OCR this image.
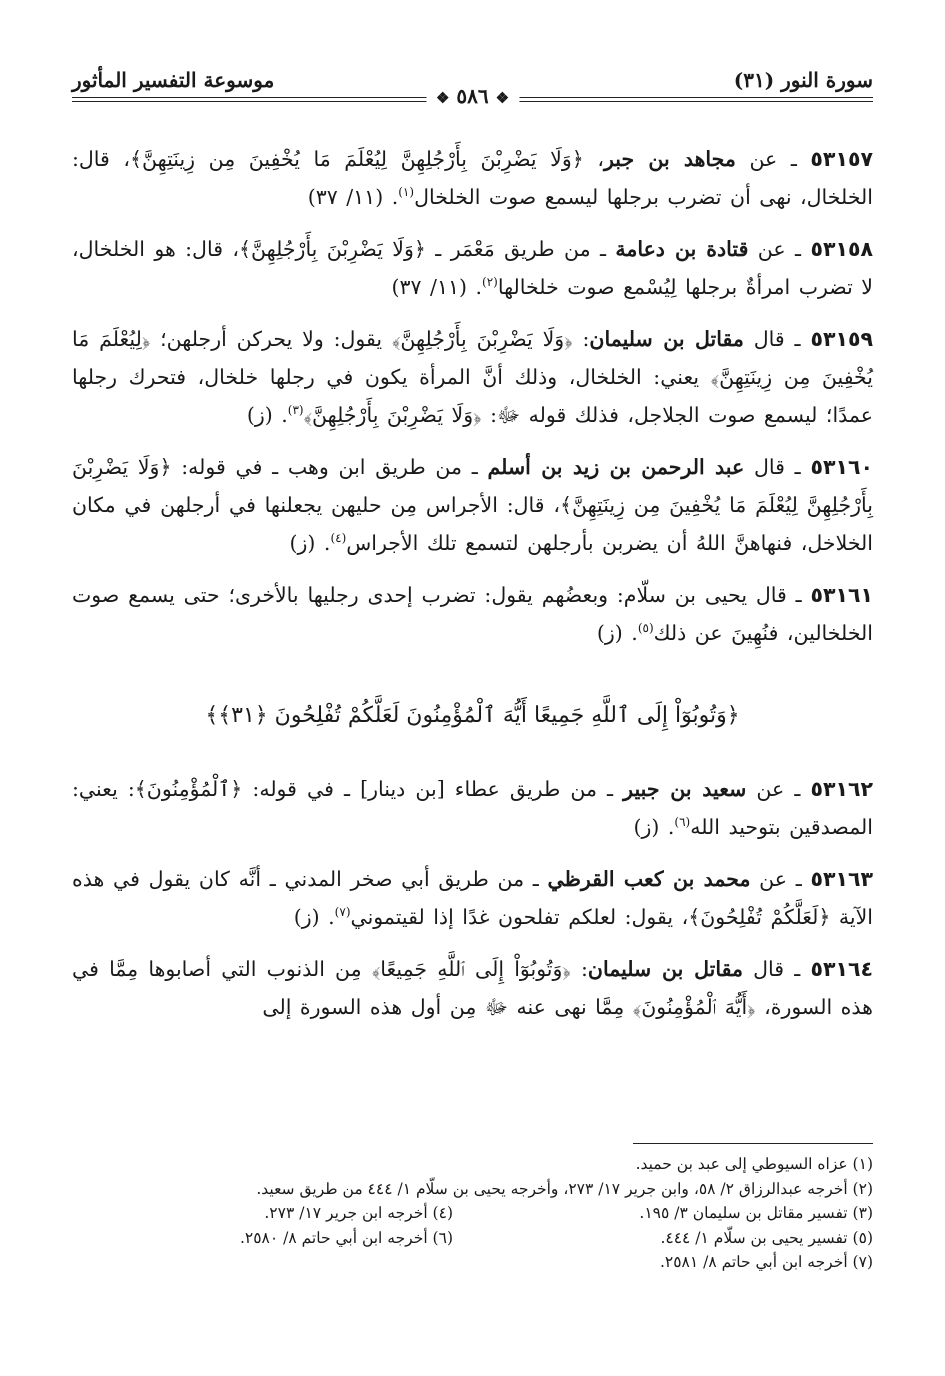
سورة النور (٣١)
موسوعة التفسير المأثور
❖ ٥٨٦ ❖

٥٣١٥٧ ـ عن مجاهد بن جبر، ﴿وَلَا يَضْرِبْنَ بِأَرْجُلِهِنَّ لِيُعْلَمَ مَا يُخْفِينَ مِن زِينَتِهِنَّ﴾، قال: الخلخال، نهى أن تضرب برجلها ليسمع صوت الخلخال$^{(١)}$. (١١/ ٣٧)

٥٣١٥٨ ـ عن قتادة بن دعامة ـ من طريق مَعْمَر ـ ﴿وَلَا يَضْرِبْنَ بِأَرْجُلِهِنَّ﴾، قال: هو الخلخال، لا تضرب امرأةٌ برجلها لِيُسْمع صوت خلخالها$^{(٢)}$. (١١/ ٣٧)

٥٣١٥٩ ـ قال مقاتل بن سليمان: ﴿وَلَا يَضْرِبْنَ بِأَرْجُلِهِنَّ﴾ يقول: ولا يحركن أرجلهن؛ ﴿لِيُعْلَمَ مَا يُخْفِينَ مِن زِينَتِهِنَّ﴾ يعني: الخلخال، وذلك أنَّ المرأة يكون في رجلها خلخال، فتحرك رجلها عمدًا؛ ليسمع صوت الجلاجل، فذلك قوله ﷻ: ﴿وَلَا يَضْرِبْنَ بِأَرْجُلِهِنَّ﴾$^{(٣)}$. (ز)

٥٣١٦٠ ـ قال عبد الرحمن بن زيد بن أسلم ـ من طريق ابن وهب ـ في قوله: ﴿وَلَا يَضْرِبْنَ بِأَرْجُلِهِنَّ لِيُعْلَمَ مَا يُخْفِينَ مِن زِينَتِهِنَّ﴾، قال: الأجراس مِن حليهن يجعلنها في أرجلهن في مكان الخلاخل، فنهاهنَّ اللهُ أن يضربن بأرجلهن لتسمع تلك الأجراس$^{(٤)}$. (ز)

٥٣١٦١ ـ قال يحيى بن سلّام: وبعضُهم يقول: تضرب إحدى رجليها بالأخرى؛ حتى يسمع صوت الخلخالين، فنُهِينَ عن ذلك$^{(٥)}$. (ز)

﴿وَتُوبُوٓاْ إِلَى ٱللَّهِ جَمِيعًا أَيُّهَ ٱلْمُؤْمِنُونَ لَعَلَّكُمْ تُفْلِحُونَ ﴿٣١﴾﴾

٥٣١٦٢ ـ عن سعيد بن جبير ـ من طريق عطاء [بن دينار] ـ في قوله: ﴿ٱلْمُؤْمِنُونَ﴾: يعني: المصدقين بتوحيد الله$^{(٦)}$. (ز)

٥٣١٦٣ ـ عن محمد بن كعب القرظي ـ من طريق أبي صخر المدني ـ أنَّه كان يقول في هذه الآية ﴿لَعَلَّكُمْ تُفْلِحُونَ﴾، يقول: لعلكم تفلحون غدًا إذا لقيتموني$^{(٧)}$. (ز)

٥٣١٦٤ ـ قال مقاتل بن سليمان: ﴿وَتُوبُوٓاْ إِلَى ٱللَّهِ جَمِيعًا﴾ مِن الذنوب التي أصابوها مِمَّا في هذه السورة، ﴿أَيُّهَ ٱلْمُؤْمِنُونَ﴾ مِمَّا نهى عنه ﷻ مِن أول هذه السورة إلى

(١) عزاه السيوطي إلى عبد بن حميد.
(٢) أخرجه عبدالرزاق ٢/ ٥٨، وابن جرير ١٧/ ٢٧٣، وأخرجه يحيى بن سلّام ١/ ٤٤٤ من طريق سعيد.
(٣) تفسير مقاتل بن سليمان ٣/ ١٩٥.
(٤) أخرجه ابن جرير ١٧/ ٢٧٣.
(٥) تفسير يحيى بن سلّام ١/ ٤٤٤.
(٦) أخرجه ابن أبي حاتم ٨/ ٢٥٨٠.
(٧) أخرجه ابن أبي حاتم ٨/ ٢٥٨١.
